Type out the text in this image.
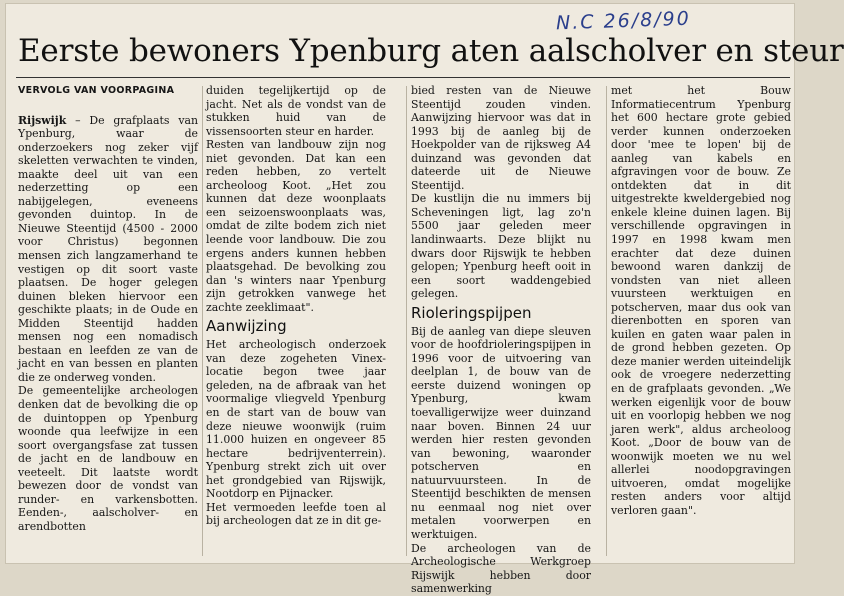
N.C 26/8/90
Eerste bewoners Ypenburg aten aalscholver en steur

VERVOLG VAN VOORPAGINA

Rijswijk – De grafplaats van Ypenburg, waar de onderzoekers nog zeker vijf skeletten verwachten te vinden, maakte deel uit van een nederzetting op een nabijgelegen, eveneens gevonden duintop. In de Nieuwe Steentijd (4500 - 2000 voor Christus) begonnen mensen zich langzamerhand te vestigen op dit soort vaste plaatsen. De hoger gelegen duinen bleken hiervoor een geschikte plaats; in de Oude en Midden Steentijd hadden mensen nog een nomadisch bestaan en leefden ze van de jacht en van bessen en planten die ze onderweg vonden.

De gemeentelijke archeologen denken dat de bevolking die op de duintoppen op Ypenburg woonde qua leefwijze in een soort overgangsfase zat tussen de jacht en de landbouw en veeteelt. Dit laatste wordt bewezen door de vondst van runder- en varkensbotten. Eenden-, aalscholver- en arendbotten

duiden tegelijkertijd op de jacht. Net als de vondst van de stukken huid van de vissensoorten steur en harder.

Resten van landbouw zijn nog niet gevonden. Dat kan een reden hebben, zo vertelt archeoloog Koot. „Het zou kunnen dat deze woonplaats een seizoenswoonplaats was, omdat de zilte bodem zich niet leende voor landbouw. Die zou ergens anders kunnen hebben plaatsgehad. De bevolking zou dan 's winters naar Ypenburg zijn getrokken vanwege het zachte zeeklimaat".

Aanwijzing

Het archeologisch onderzoek van deze zogeheten Vinex-locatie begon twee jaar geleden, na de afbraak van het voormalige vliegveld Ypenburg en de start van de bouw van deze nieuwe woonwijk (ruim 11.000 huizen en ongeveer 85 hectare bedrijventerrein). Ypenburg strekt zich uit over het grondgebied van Rijswijk, Nootdorp en Pijnacker.

Het vermoeden leefde toen al bij archeologen dat ze in dit ge-

bied resten van de Nieuwe Steentijd zouden vinden. Aanwijzing hiervoor was dat in 1993 bij de aanleg bij de Hoekpolder van de rijksweg A4 duinzand was gevonden dat dateerde uit de Nieuwe Steentijd.

De kustlijn die nu immers bij Scheveningen ligt, lag zo'n 5500 jaar geleden meer landinwaarts. Deze blijkt nu dwars door Rijswijk te hebben gelopen; Ypenburg heeft ooit in een soort waddengebied gelegen.

Rioleringspijpen

Bij de aanleg van diepe sleuven voor de hoofdrioleringspijpen in 1996 voor de uitvoering van deelplan 1, de bouw van de eerste duizend woningen op Ypenburg, kwam toevalligerwijze weer duinzand naar boven. Binnen 24 uur werden hier resten gevonden van bewoning, waaronder potscherven en natuurvuursteen. In de Steentijd beschikten de mensen nu eenmaal nog niet over metalen voorwerpen en werktuigen.

De archeologen van de Archeologische Werkgroep Rijswijk hebben door samenwerking

met het Bouw Informatiecentrum Ypenburg het 600 hectare grote gebied verder kunnen onderzoeken door 'mee te lopen' bij de aanleg van kabels en afgravingen voor de bouw. Ze ontdekten dat in dit uitgestrekte kweldergebied nog enkele kleine duinen lagen. Bij verschillende opgravingen in 1997 en 1998 kwam men erachter dat deze duinen bewoond waren dankzij de vondsten van niet alleen vuursteen werktuigen en potscherven, maar dus ook van dierenbotten en sporen van kuilen en gaten waar palen in de grond hebben gezeten. Op deze manier werden uiteindelijk ook de vroegere nederzetting en de grafplaats gevonden. „We werken eigenlijk voor de bouw uit en voorlopig hebben we nog jaren werk", aldus archeoloog Koot. „Door de bouw van de woonwijk moeten we nu wel allerlei noodopgravingen uitvoeren, omdat mogelijke resten anders voor altijd verloren gaan".
